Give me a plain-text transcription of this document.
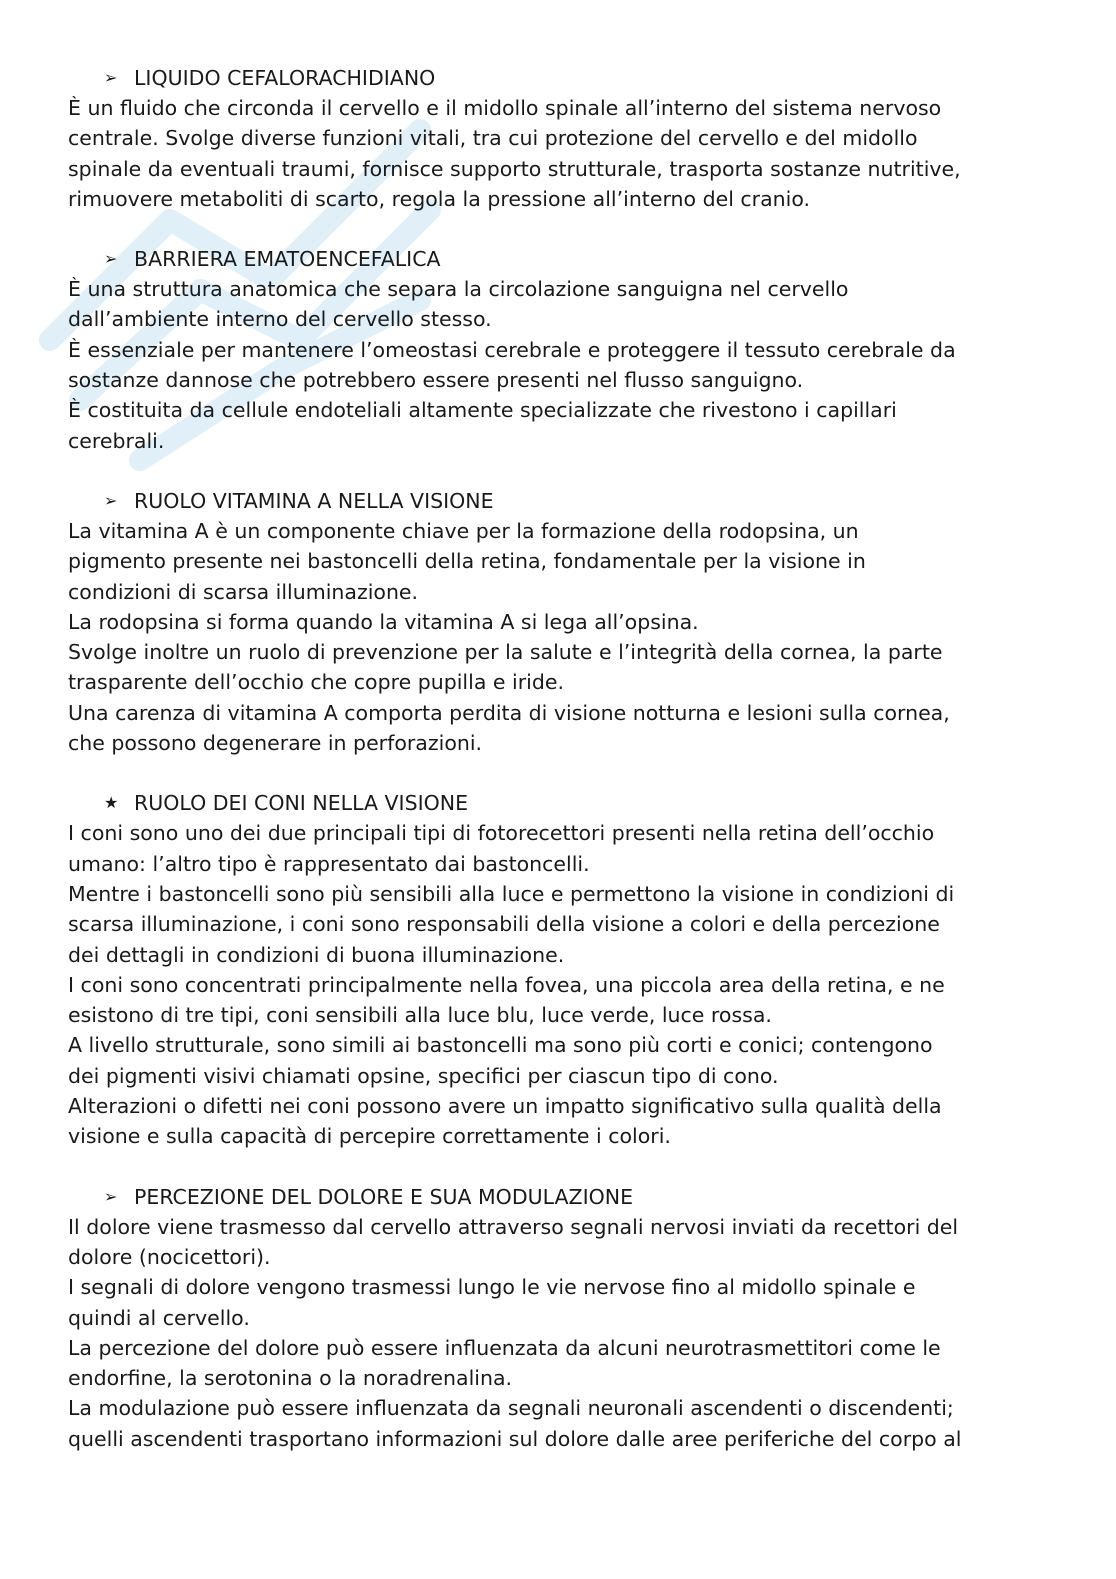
➢ LIQUIDO CEFALORACHIDIANO
È un fluido che circonda il cervello e il midollo spinale all’interno del sistema nervoso
centrale. Svolge diverse funzioni vitali, tra cui protezione del cervello e del midollo
spinale da eventuali traumi, fornisce supporto strutturale, trasporta sostanze nutritive,
rimuovere metaboliti di scarto, regola la pressione all’interno del cranio.
➢ BARRIERA EMATOENCEFALICA
È una struttura anatomica che separa la circolazione sanguigna nel cervello
dall’ambiente interno del cervello stesso.
È essenziale per mantenere l’omeostasi cerebrale e proteggere il tessuto cerebrale da
sostanze dannose che potrebbero essere presenti nel flusso sanguigno.
È costituita da cellule endoteliali altamente specializzate che rivestono i capillari
cerebrali.
➢ RUOLO VITAMINA A NELLA VISIONE
La vitamina A è un componente chiave per la formazione della rodopsina, un
pigmento presente nei bastoncelli della retina, fondamentale per la visione in
condizioni di scarsa illuminazione.
La rodopsina si forma quando la vitamina A si lega all’opsina.
Svolge inoltre un ruolo di prevenzione per la salute e l’integrità della cornea, la parte
trasparente dell’occhio che copre pupilla e iride.
Una carenza di vitamina A comporta perdita di visione notturna e lesioni sulla cornea,
che possono degenerare in perforazioni.
★ RUOLO DEI CONI NELLA VISIONE
I coni sono uno dei due principali tipi di fotorecettori presenti nella retina dell’occhio
umano: l’altro tipo è rappresentato dai bastoncelli.
Mentre i bastoncelli sono più sensibili alla luce e permettono la visione in condizioni di
scarsa illuminazione, i coni sono responsabili della visione a colori e della percezione
dei dettagli in condizioni di buona illuminazione.
I coni sono concentrati principalmente nella fovea, una piccola area della retina, e ne
esistono di tre tipi, coni sensibili alla luce blu, luce verde, luce rossa.
A livello strutturale, sono simili ai bastoncelli ma sono più corti e conici; contengono
dei pigmenti visivi chiamati opsine, specifici per ciascun tipo di cono.
Alterazioni o difetti nei coni possono avere un impatto significativo sulla qualità della
visione e sulla capacità di percepire correttamente i colori.
➢ PERCEZIONE DEL DOLORE E SUA MODULAZIONE
Il dolore viene trasmesso dal cervello attraverso segnali nervosi inviati da recettori del
dolore (nocicettori).
I segnali di dolore vengono trasmessi lungo le vie nervose fino al midollo spinale e
quindi al cervello.
La percezione del dolore può essere influenzata da alcuni neurotrasmettitori come le
endorfine, la serotonina o la noradrenalina.
La modulazione può essere influenzata da segnali neuronali ascendenti o discendenti;
quelli ascendenti trasportano informazioni sul dolore dalle aree periferiche del corpo al
